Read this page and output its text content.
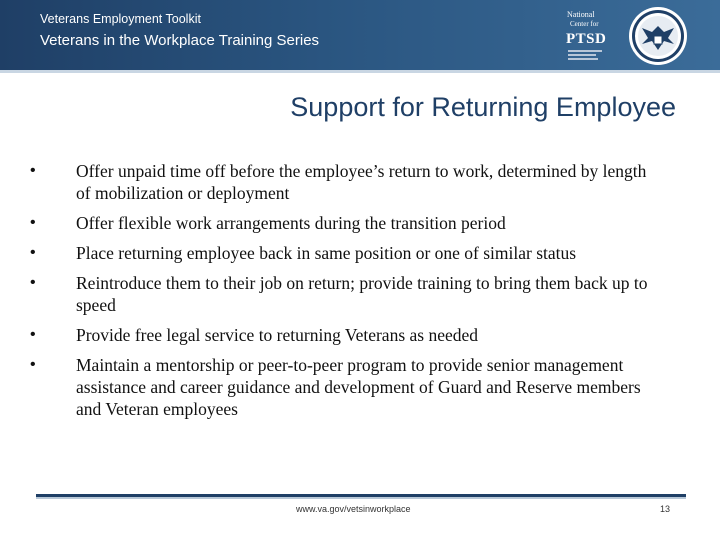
Veterans Employment Toolkit
Veterans in the Workplace Training Series
National
Center for
PTSD
Support for Returning Employee
• Offer unpaid time off before the employee’s return to work, determined by length of mobilization or deployment
• Offer flexible work arrangements during the transition period
• Place returning employee back in same position or one of similar status
• Reintroduce them to their job on return; provide training to bring them back up to speed
• Provide free legal service to returning Veterans as needed
• Maintain a mentorship or peer-to-peer program to provide senior management assistance and career guidance and development of Guard and Reserve members and Veteran employees
www.va.gov/vetsinworkplace	13
